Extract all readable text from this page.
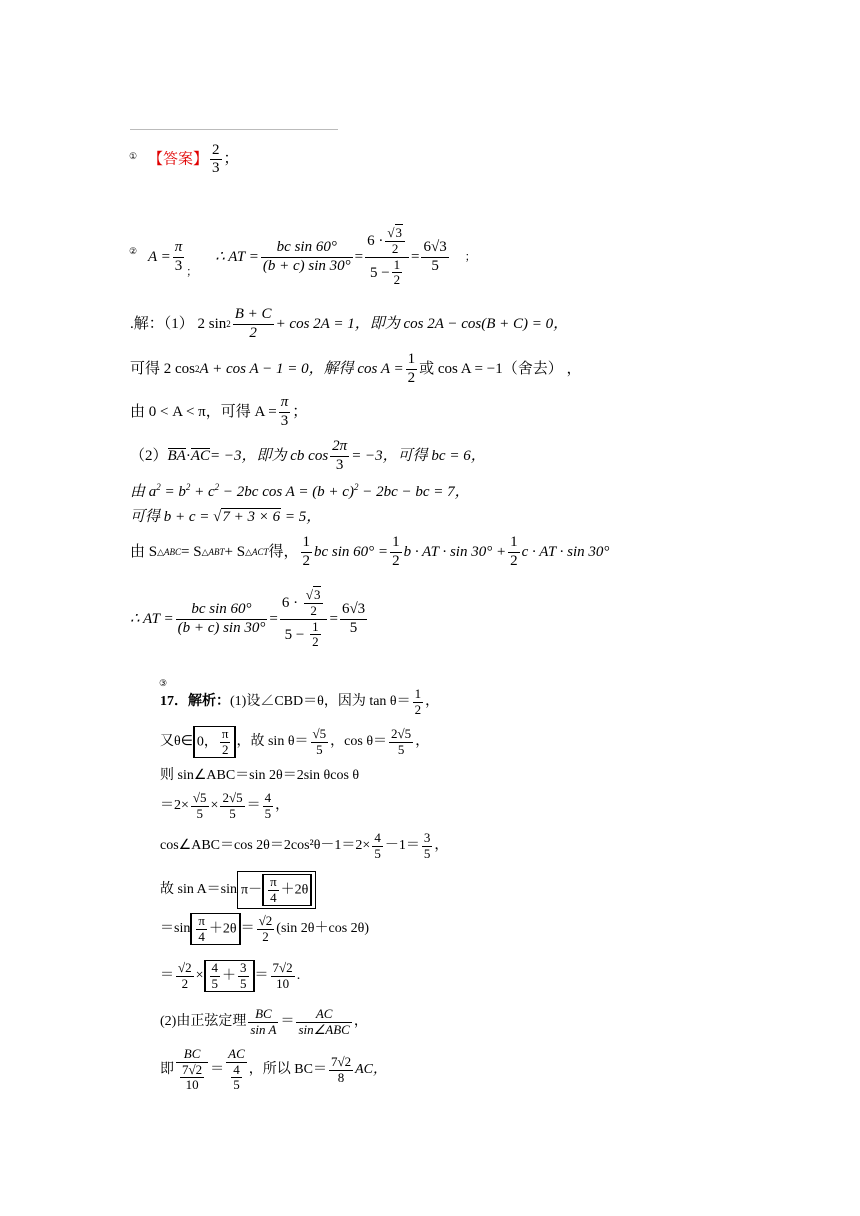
① 【答案】 $\frac{2}{3}$ ；
② $A = \frac{\pi}{3}$ ；
∴ AT = $\frac{\text{bc sin 60°}}{(b + c) \sin 30^\circ} = \frac{6 \cdot \frac{√3}{2}}{5 - \frac{1}{2}} = \frac{6√3}{5}$ ；
.解：（1） 2 $\sin 2 \frac{B + C}{2} + \cos 2A = 1$，即为 cos 2A − cos(B + C) = 0，
可得 2 cos 2 A + cos A − 1 = 0，解得 $\cos A = \frac{1}{2}$ 或 cos A = −1（舍去） ，
由 0 < A < π，可得 $A = \frac{\pi}{3}$ ；
（2） BA · AC = −3，即为 cb $\cos \frac{2\pi}{3} = -3$，可得 bc = 6，
由 $a^2 = b^2 + c^2 - 2bc$ $\cos A = (b + c)^2 - 2bc$ − bc = 7，
可得 b + c = √7 + 3 × 6 = 5，
由 S △ABC = S △ABT + S △ACT 得， $\frac{1}{2}$ bc $\sin 60^\circ = \frac{1}{2}$ b · AT · $\sin 30^\circ + \frac{1}{2}$ c · AT · sin 30°
∴ AT = $\frac{\text{bc sin 60°}}{(b + c) \sin 30^\circ} = \frac{6 \cdot \frac{√3}{2}}{5 - \frac{1}{2}} = \frac{6√3}{5}$
③
17．解析： (1)设∠CBD＝θ，因为 $\tan \theta= \frac{1}{2}$ ，
又θ∈ 0， $\frac{\pi}{2}$ ，故 $\sin \theta= \frac{√5}{5}$ ，$\cos \theta= \frac{2√5}{5}$ ，
则 sin∠ABC＝sin 2θ＝2sin θcos θ
$=2\times \frac{√5}{5} \times \frac{2√5}{5} = \frac{4}{5}$ ，
cos∠ABC＝cos $2\theta=2\cos^2\theta-1=2\times \frac{4}{5} -1= \frac{3}{5}$ ，
故 sin A＝sin $\pi- \frac{\pi}{4} +2\theta$
$=\sin \frac{\pi}{4} +2\theta = \frac{√2}{2} (\sin$ 2θ＋cos 2θ)
＝ $\frac{√2}{2} \times \frac{4}{5} + \frac{3}{5} = \frac{7√2}{10}$ .
(2)由正弦定理 $\frac{BC}{\text{sin A}} = \frac{AC}{\text{sin∠ABC}}$ ，
即 $\frac{BC}{\frac{7√2}{10}} = \frac{AC}{\frac{4}{5}}$ ，所以 $BC= \frac{7√2}{8}$ AC，
